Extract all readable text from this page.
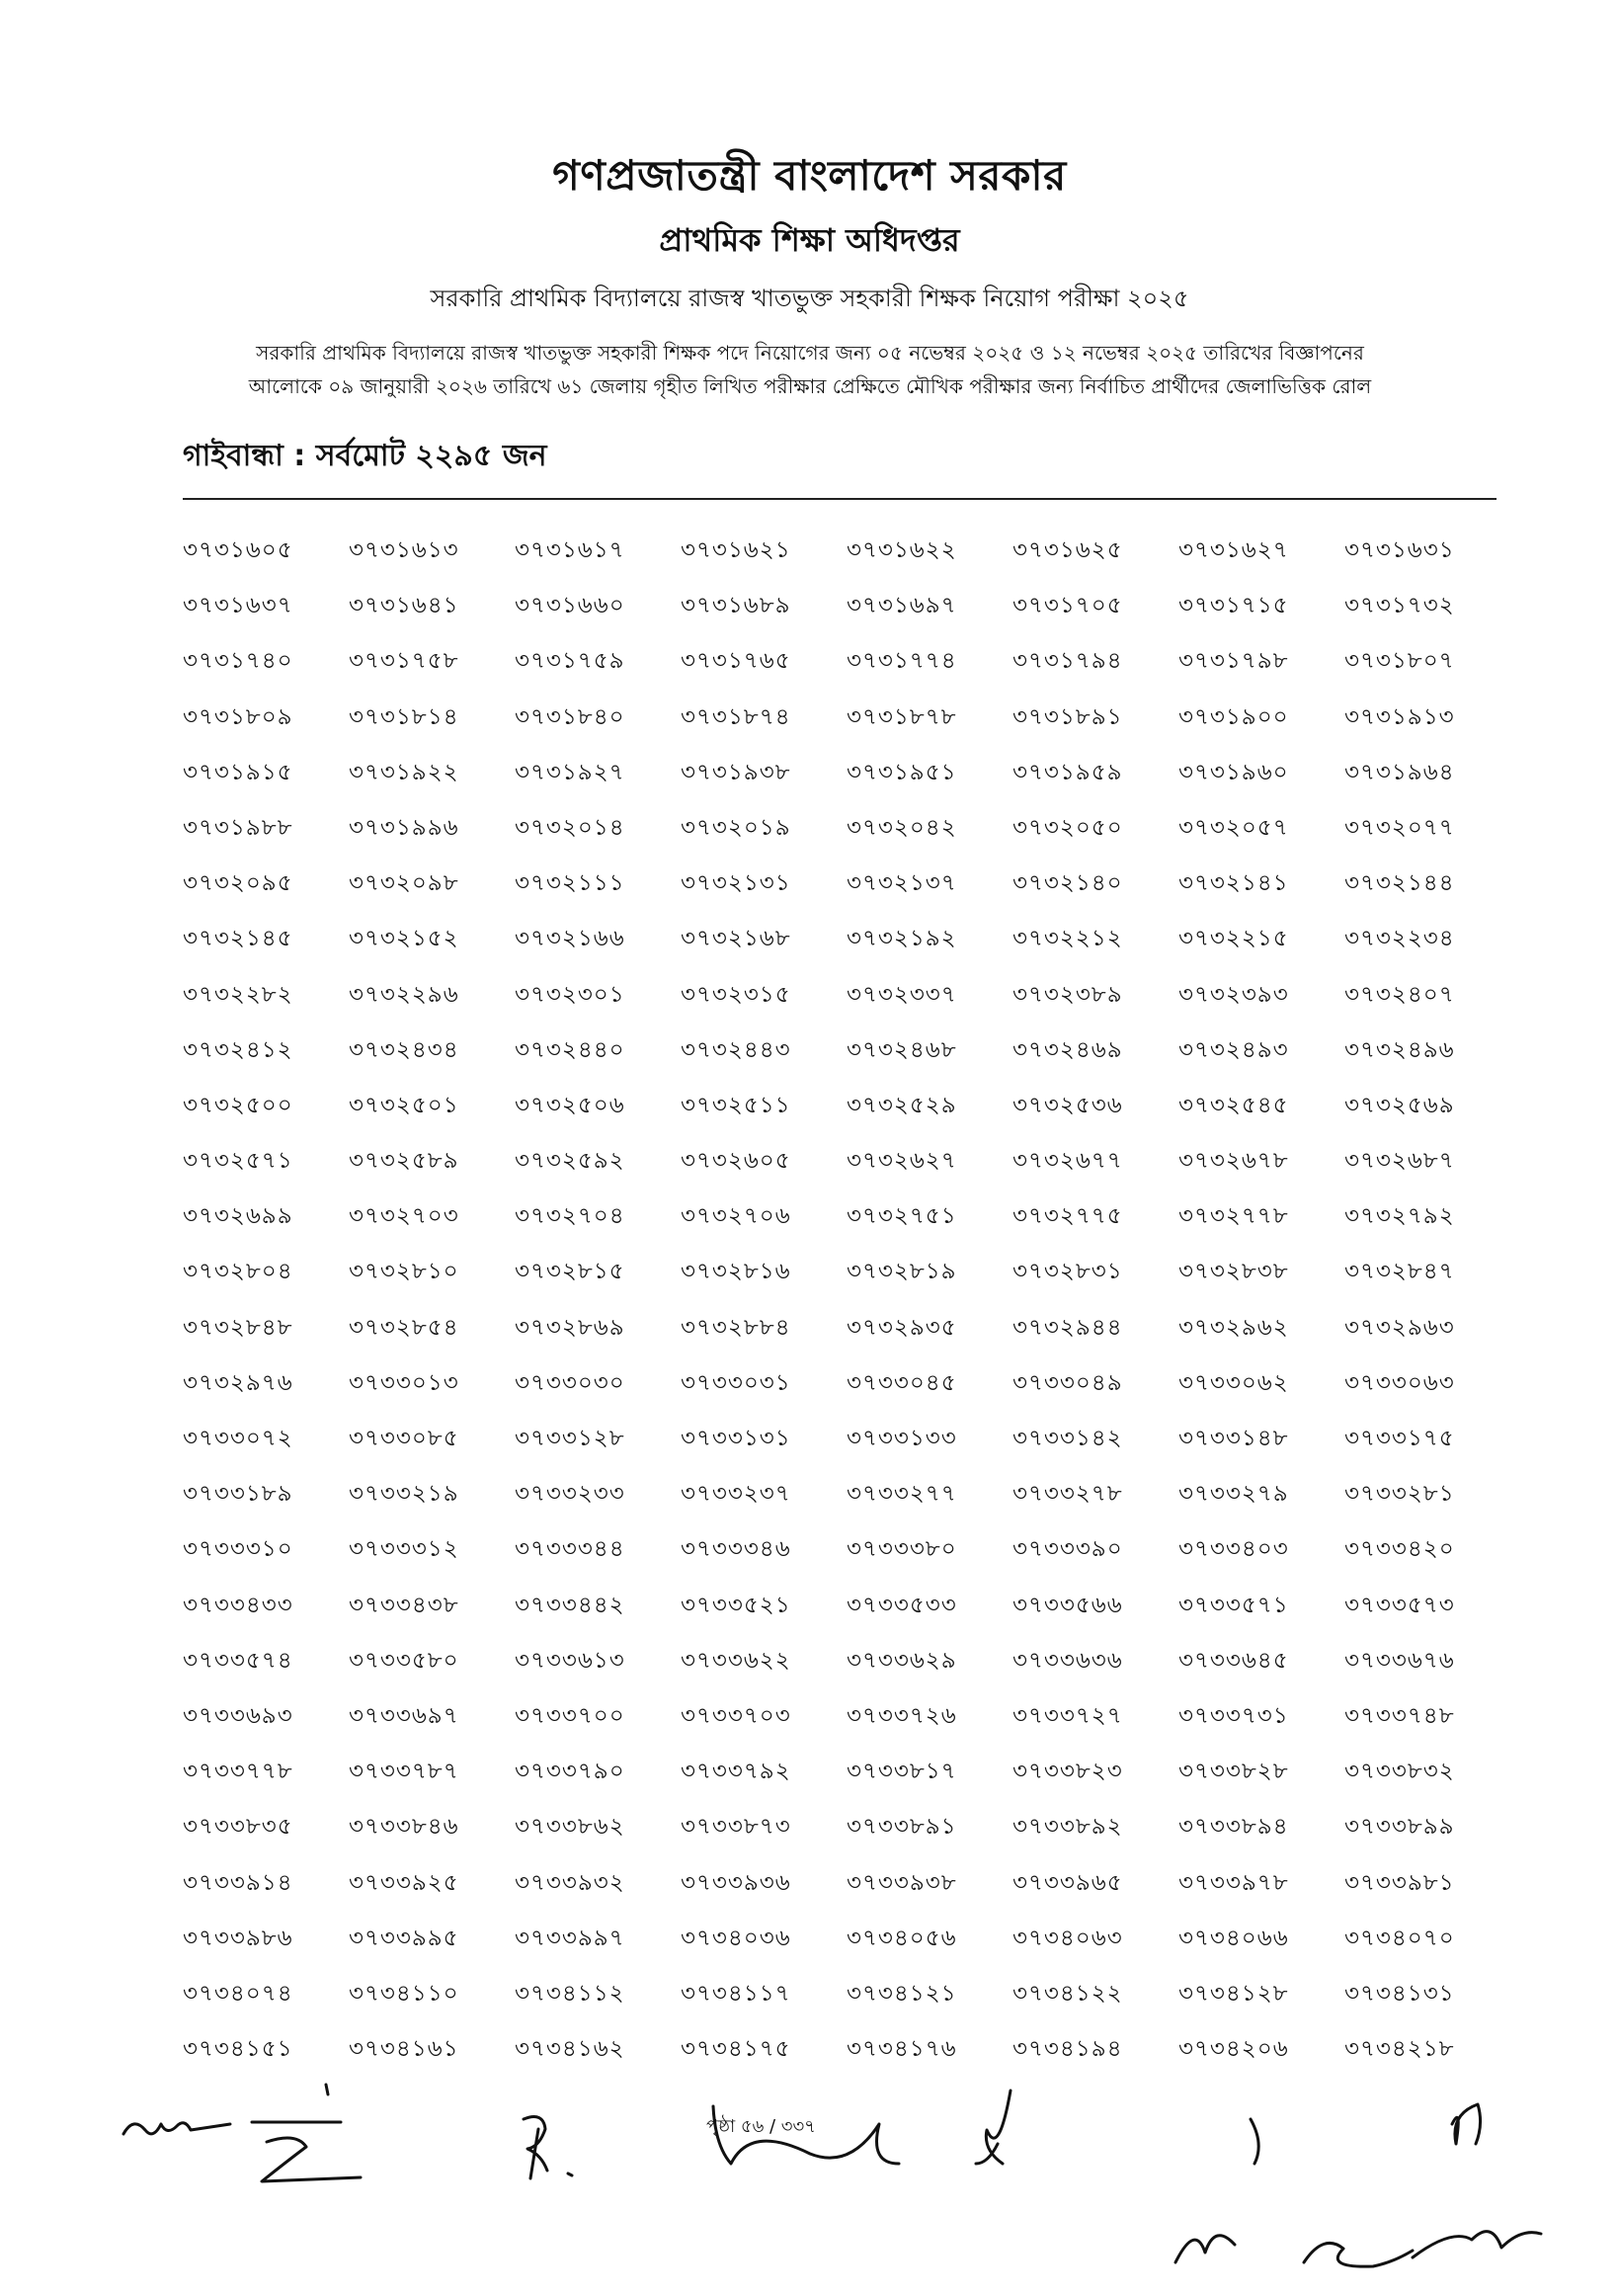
গণপ্রজাতন্ত্রী বাংলাদেশ সরকার
প্রাথমিক শিক্ষা অধিদপ্তর
সরকারি প্রাথমিক বিদ্যালয়ে রাজস্ব খাতভুক্ত সহকারী শিক্ষক নিয়োগ পরীক্ষা ২০২৫
সরকারি প্রাথমিক বিদ্যালয়ে রাজস্ব খাতভুক্ত সহকারী শিক্ষক পদে নিয়োগের জন্য ০৫ নভেম্বর ২০২৫ ও ১২ নভেম্বর ২০২৫ তারিখের বিজ্ঞাপনের
আলোকে ০৯ জানুয়ারী ২০২৬ তারিখে ৬১ জেলায় গৃহীত লিখিত পরীক্ষার প্রেক্ষিতে মৌখিক পরীক্ষার জন্য নির্বাচিত প্রার্থীদের জেলাভিত্তিক রোল
গাইবান্ধা : সর্বমোট ২২৯৫ জন
৩৭৩১৬০৫	৩৭৩১৬১৩	৩৭৩১৬১৭	৩৭৩১৬২১	৩৭৩১৬২২	৩৭৩১৬২৫	৩৭৩১৬২৭	৩৭৩১৬৩১
৩৭৩১৬৩৭	৩৭৩১৬৪১	৩৭৩১৬৬০	৩৭৩১৬৮৯	৩৭৩১৬৯৭	৩৭৩১৭০৫	৩৭৩১৭১৫	৩৭৩১৭৩২
৩৭৩১৭৪০	৩৭৩১৭৫৮	৩৭৩১৭৫৯	৩৭৩১৭৬৫	৩৭৩১৭৭৪	৩৭৩১৭৯৪	৩৭৩১৭৯৮	৩৭৩১৮০৭
৩৭৩১৮০৯	৩৭৩১৮১৪	৩৭৩১৮৪০	৩৭৩১৮৭৪	৩৭৩১৮৭৮	৩৭৩১৮৯১	৩৭৩১৯০০	৩৭৩১৯১৩
৩৭৩১৯১৫	৩৭৩১৯২২	৩৭৩১৯২৭	৩৭৩১৯৩৮	৩৭৩১৯৫১	৩৭৩১৯৫৯	৩৭৩১৯৬০	৩৭৩১৯৬৪
৩৭৩১৯৮৮	৩৭৩১৯৯৬	৩৭৩২০১৪	৩৭৩২০১৯	৩৭৩২০৪২	৩৭৩২০৫০	৩৭৩২০৫৭	৩৭৩২০৭৭
৩৭৩২০৯৫	৩৭৩২০৯৮	৩৭৩২১১১	৩৭৩২১৩১	৩৭৩২১৩৭	৩৭৩২১৪০	৩৭৩২১৪১	৩৭৩২১৪৪
৩৭৩২১৪৫	৩৭৩২১৫২	৩৭৩২১৬৬	৩৭৩২১৬৮	৩৭৩২১৯২	৩৭৩২২১২	৩৭৩২২১৫	৩৭৩২২৩৪
৩৭৩২২৮২	৩৭৩২২৯৬	৩৭৩২৩০১	৩৭৩২৩১৫	৩৭৩২৩৩৭	৩৭৩২৩৮৯	৩৭৩২৩৯৩	৩৭৩২৪০৭
৩৭৩২৪১২	৩৭৩২৪৩৪	৩৭৩২৪৪০	৩৭৩২৪৪৩	৩৭৩২৪৬৮	৩৭৩২৪৬৯	৩৭৩২৪৯৩	৩৭৩২৪৯৬
৩৭৩২৫০০	৩৭৩২৫০১	৩৭৩২৫০৬	৩৭৩২৫১১	৩৭৩২৫২৯	৩৭৩২৫৩৬	৩৭৩২৫৪৫	৩৭৩২৫৬৯
৩৭৩২৫৭১	৩৭৩২৫৮৯	৩৭৩২৫৯২	৩৭৩২৬০৫	৩৭৩২৬২৭	৩৭৩২৬৭৭	৩৭৩২৬৭৮	৩৭৩২৬৮৭
৩৭৩২৬৯৯	৩৭৩২৭০৩	৩৭৩২৭০৪	৩৭৩২৭০৬	৩৭৩২৭৫১	৩৭৩২৭৭৫	৩৭৩২৭৭৮	৩৭৩২৭৯২
৩৭৩২৮০৪	৩৭৩২৮১০	৩৭৩২৮১৫	৩৭৩২৮১৬	৩৭৩২৮১৯	৩৭৩২৮৩১	৩৭৩২৮৩৮	৩৭৩২৮৪৭
৩৭৩২৮৪৮	৩৭৩২৮৫৪	৩৭৩২৮৬৯	৩৭৩২৮৮৪	৩৭৩২৯৩৫	৩৭৩২৯৪৪	৩৭৩২৯৬২	৩৭৩২৯৬৩
৩৭৩২৯৭৬	৩৭৩৩০১৩	৩৭৩৩০৩০	৩৭৩৩০৩১	৩৭৩৩০৪৫	৩৭৩৩০৪৯	৩৭৩৩০৬২	৩৭৩৩০৬৩
৩৭৩৩০৭২	৩৭৩৩০৮৫	৩৭৩৩১২৮	৩৭৩৩১৩১	৩৭৩৩১৩৩	৩৭৩৩১৪২	৩৭৩৩১৪৮	৩৭৩৩১৭৫
৩৭৩৩১৮৯	৩৭৩৩২১৯	৩৭৩৩২৩৩	৩৭৩৩২৩৭	৩৭৩৩২৭৭	৩৭৩৩২৭৮	৩৭৩৩২৭৯	৩৭৩৩২৮১
৩৭৩৩৩১০	৩৭৩৩৩১২	৩৭৩৩৩৪৪	৩৭৩৩৩৪৬	৩৭৩৩৩৮০	৩৭৩৩৩৯০	৩৭৩৩৪০৩	৩৭৩৩৪২০
৩৭৩৩৪৩৩	৩৭৩৩৪৩৮	৩৭৩৩৪৪২	৩৭৩৩৫২১	৩৭৩৩৫৩৩	৩৭৩৩৫৬৬	৩৭৩৩৫৭১	৩৭৩৩৫৭৩
৩৭৩৩৫৭৪	৩৭৩৩৫৮০	৩৭৩৩৬১৩	৩৭৩৩৬২২	৩৭৩৩৬২৯	৩৭৩৩৬৩৬	৩৭৩৩৬৪৫	৩৭৩৩৬৭৬
৩৭৩৩৬৯৩	৩৭৩৩৬৯৭	৩৭৩৩৭০০	৩৭৩৩৭০৩	৩৭৩৩৭২৬	৩৭৩৩৭২৭	৩৭৩৩৭৩১	৩৭৩৩৭৪৮
৩৭৩৩৭৭৮	৩৭৩৩৭৮৭	৩৭৩৩৭৯০	৩৭৩৩৭৯২	৩৭৩৩৮১৭	৩৭৩৩৮২৩	৩৭৩৩৮২৮	৩৭৩৩৮৩২
৩৭৩৩৮৩৫	৩৭৩৩৮৪৬	৩৭৩৩৮৬২	৩৭৩৩৮৭৩	৩৭৩৩৮৯১	৩৭৩৩৮৯২	৩৭৩৩৮৯৪	৩৭৩৩৮৯৯
৩৭৩৩৯১৪	৩৭৩৩৯২৫	৩৭৩৩৯৩২	৩৭৩৩৯৩৬	৩৭৩৩৯৩৮	৩৭৩৩৯৬৫	৩৭৩৩৯৭৮	৩৭৩৩৯৮১
৩৭৩৩৯৮৬	৩৭৩৩৯৯৫	৩৭৩৩৯৯৭	৩৭৩৪০৩৬	৩৭৩৪০৫৬	৩৭৩৪০৬৩	৩৭৩৪০৬৬	৩৭৩৪০৭০
৩৭৩৪০৭৪	৩৭৩৪১১০	৩৭৩৪১১২	৩৭৩৪১১৭	৩৭৩৪১২১	৩৭৩৪১২২	৩৭৩৪১২৮	৩৭৩৪১৩১
৩৭৩৪১৫১	৩৭৩৪১৬১	৩৭৩৪১৬২	৩৭৩৪১৭৫	৩৭৩৪১৭৬	৩৭৩৪১৯৪	৩৭৩৪২০৬	৩৭৩৪২১৮
পৃষ্ঠা ৫৬ / ৩৩৭
